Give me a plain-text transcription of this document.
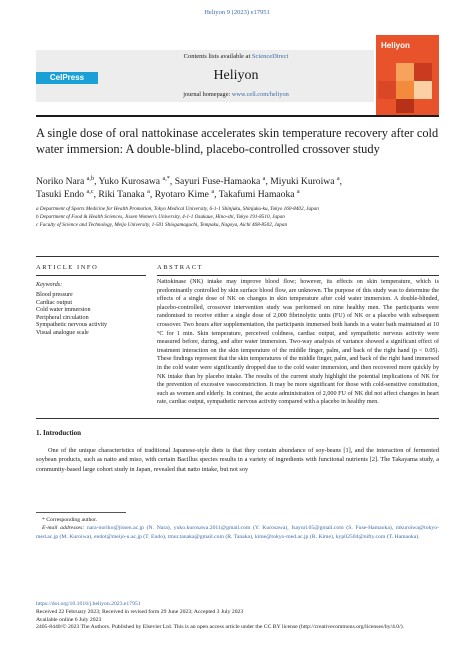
Heliyon 9 (2023) e17951
CelPress
Contents lists available at ScienceDirect
Heliyon
journal homepage: www.cell.com/heliyon
Heliyon
A single dose of oral nattokinase accelerates skin temperature recovery after cold water immersion: A double-blind, placebo-controlled crossover study
Noriko Nara $^{a,b}$, Yuko Kurosawa $^{a,*}$, Sayuri Fuse-Hamaoka $^a$, Miyuki Kuroiwa $^a$,
Tasuki Endo $^{a,c}$, Riki Tanaka $^a$, Ryotaro Kime $^a$, Takafumi Hamaoka $^a$
a Department of Sports Medicine for Health Promotion, Tokyo Medical University, 6-1-1 Shinjuku, Shinjuku-ku, Tokyo 160-8402, Japan
b Department of Food & Health Sciences, Jissen Women's University, 4-1-1 Osakaue, Hino-shi, Tokyo 191-8510, Japan
c Faculty of Science and Technology, Meijo University, 1-501 Shiogamaguchi, Tempaku, Nagoya, Aichi 468-8502, Japan
ARTICLE INFO	ABSTRACT
Keywords:
Blood pressure
Cardiac output
Cold water immersion
Peripheral circulation
Sympathetic nervous activity
Visual analogue scale
Nattokinase (NK) intake may improve blood flow; however, its effects on skin temperature, which is predominantly controlled by skin surface blood flow, are unknown. The purpose of this study was to determine the effects of a single dose of NK on changes in skin temperature after cold water immersion. A double-blinded, placebo-controlled, crossover intervention study was performed on nine healthy men. The participants were randomised to receive either a single dose of 2,000 fibrinolytic units (FU) of NK or a placebo with subsequent crossover. Two hours after supplementation, the participants immersed both hands in a water bath maintained at 10 °C for 1 min. Skin temperature, perceived coldness, cardiac output, and sympathetic nervous activity were measured before, during, and after water immersion. Two-way analysis of variance showed a significant effect of treatment interaction on the skin temperature of the middle finger, palm, and back of the right hand (p < 0.05). These findings represent that the skin temperatures of the middle finger, palm, and back of the right hand immersed in the cold water were significantly dropped due to the cold water immersion, and then recovered more quickly by NK intake than by placebo intake. The results of the current study highlight the potential implications of NK for the prevention of excessive vasoconstriction. It may be more significant for those with cold-sensitive constitution, such as women and elderly. In contrast, the acute administration of 2,000 FU of NK did not affect changes in heart rate, cardiac output, sympathetic nervous activity compared with a placebo in healthy men.
1. Introduction
One of the unique characteristics of traditional Japanese-style diets is that they contain abundance of soy-beans [1], and the interaction of fermented soybean products, such as natto and miso, with certain Bacillus species results in a variety of ingredients with functional nutrients [2]. The Takayama study, a community-based large cohort study in Japan, revealed that natto intake, but not soy
* Corresponding author.
E-mail addresses: nara-noriko@jissen.ac.jp (N. Nara), yuko.kurosawa.2011@gmail.com (Y. Kurosawa), fsayuri.65@gmail.com (S. Fuse-Hamaoka), mkuroiwa@tokyo-med.ac.jp (M. Kuroiwa), endot@meijo-u.ac.jp (T. Endo), tmur.tanaka@gmail.com (R. Tanaka), kime@tokyo-med.ac.jp (R. Kime), kyp02504@nifty.com (T. Hamaoka).
https://doi.org/10.1016/j.heliyon.2023.e17951
Received 22 February 2023; Received in revised form 29 June 2023; Accepted 3 July 2023
Available online 6 July 2023
2405-8440/© 2023 The Authors. Published by Elsevier Ltd. This is an open access article under the CC BY license (http://creativecommons.org/licenses/by/4.0/).
